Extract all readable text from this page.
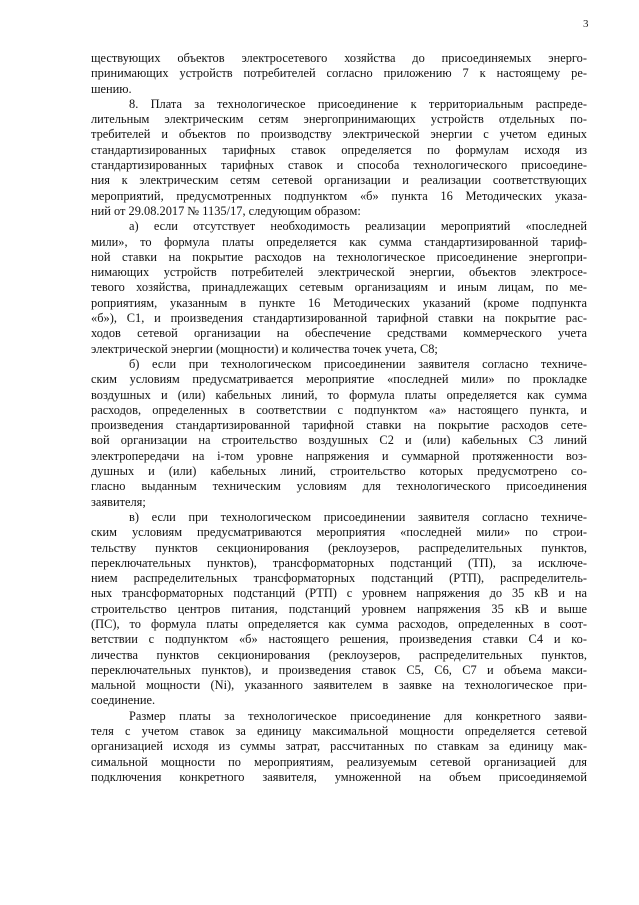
3
ществующих объектов электросетевого хозяйства до присоединяемых энерго-
принимающих устройств потребителей согласно приложению 7 к настоящему ре-
шению.
8. Плата за технологическое присоединение к территориальным распреде-
лительным электрическим сетям энергопринимающих устройств отдельных по-
требителей и объектов по производству электрической энергии с учетом единых
стандартизированных тарифных ставок определяется по формулам исходя из
стандартизированных тарифных ставок и способа технологического присоедине-
ния к электрическим сетям сетевой организации и реализации соответствующих
мероприятий, предусмотренных подпунктом «б» пункта 16 Методических указа-
ний от 29.08.2017 № 1135/17, следующим образом:
а) если отсутствует необходимость реализации мероприятий «последней
мили», то формула платы определяется как сумма стандартизированной тариф-
ной ставки на покрытие расходов на технологическое присоединение энергопри-
нимающих устройств потребителей электрической энергии, объектов электросе-
тевого хозяйства, принадлежащих сетевым организациям и иным лицам, по ме-
роприятиям, указанным в пункте 16 Методических указаний (кроме подпункта
«б»), С1, и произведения стандартизированной тарифной ставки на покрытие рас-
ходов сетевой организации на обеспечение средствами коммерческого учета
электрической энергии (мощности) и количества точек учета, С8;
б) если при технологическом присоединении заявителя согласно техниче-
ским условиям предусматривается мероприятие «последней мили» по прокладке
воздушных и (или) кабельных линий, то формула платы определяется как сумма
расходов, определенных в соответствии с подпунктом «а» настоящего пункта, и
произведения стандартизированной тарифной ставки на покрытие расходов сете-
вой организации на строительство воздушных С2 и (или) кабельных С3 линий
электропередачи на i-том уровне напряжения и суммарной протяженности воз-
душных и (или) кабельных линий, строительство которых предусмотрено со-
гласно выданным техническим условиям для технологического присоединения
заявителя;
в) если при технологическом присоединении заявителя согласно техниче-
ским условиям предусматриваются мероприятия «последней мили» по строи-
тельству пунктов секционирования (реклоузеров, распределительных пунктов,
переключательных пунктов), трансформаторных подстанций (ТП), за исключе-
нием распределительных трансформаторных подстанций (РТП), распределитель-
ных трансформаторных подстанций (РТП) с уровнем напряжения до 35 кВ и на
строительство центров питания, подстанций уровнем напряжения 35 кВ и выше
(ПС), то формула платы определяется как сумма расходов, определенных в соот-
ветствии с подпунктом «б» настоящего решения, произведения ставки С4 и ко-
личества пунктов секционирования (реклоузеров, распределительных пунктов,
переключательных пунктов), и произведения ставок С5, С6, С7 и объема макси-
мальной мощности (Ni), указанного заявителем в заявке на технологическое при-
соединение.
Размер платы за технологическое присоединение для конкретного заяви-
теля с учетом ставок за единицу максимальной мощности определяется сетевой
организацией исходя из суммы затрат, рассчитанных по ставкам за единицу мак-
симальной мощности по мероприятиям, реализуемым сетевой организацией для
подключения конкретного заявителя, умноженной на объем присоединяемой
